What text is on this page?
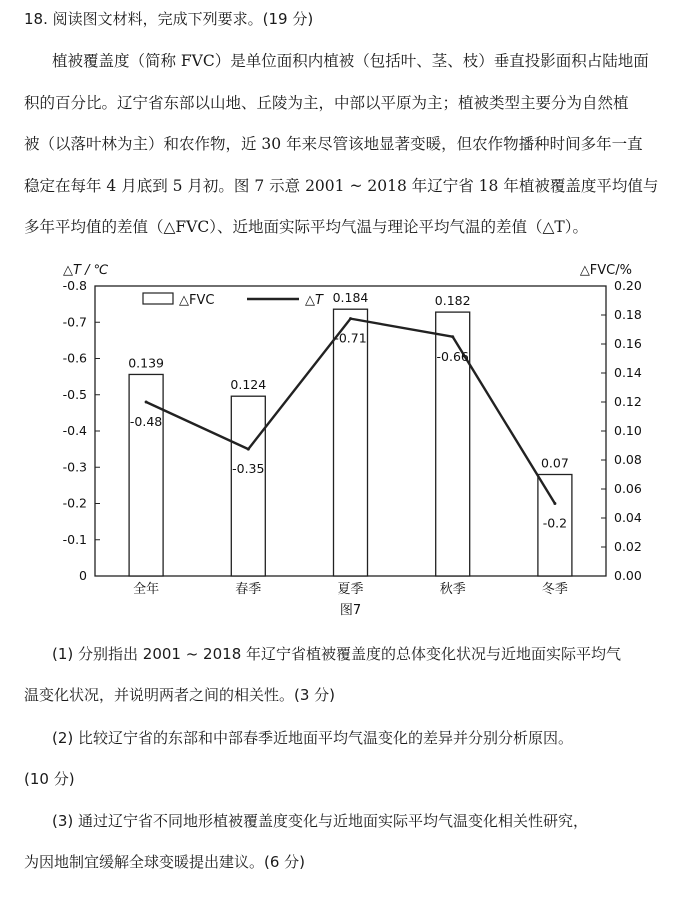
18. 阅读图文材料，完成下列要求。(19 分)
植被覆盖度（简称 FVC）是单位面积内植被（包括叶、茎、枝）垂直投影面积占陆地面
积的百分比。辽宁省东部以山地、丘陵为主，中部以平原为主；植被类型主要分为自然植
被（以落叶林为主）和农作物，近 30 年来尽管该地显著变暖，但农作物播种时间多年一直
稳定在每年 4 月底到 5 月初。图 7 示意 2001 ~ 2018 年辽宁省 18 年植被覆盖度平均值与
多年平均值的差值（△FVC）、近地面实际平均气温与理论平均气温的差值（△T）。
0
-0.1
-0.2
-0.3
-0.4
-0.5
-0.6
-0.7
-0.8
0.00
0.02
0.04
0.06
0.08
0.10
0.12
0.14
0.16
0.18
0.20
△T / ℃	△FVC/%
0.139
0.124
0.184	0.182
0.07
-0.48
-0.35
-0.71
-0.66
-0.2
△FVC	△T
全年	春季	夏季	秋季	冬季
图7
(1) 分别指出 2001 ~ 2018 年辽宁省植被覆盖度的总体变化状况与近地面实际平均气
温变化状况，并说明两者之间的相关性。(3 分)
(2) 比较辽宁省的东部和中部春季近地面平均气温变化的差异并分别分析原因。
(10 分)
(3) 通过辽宁省不同地形植被覆盖度变化与近地面实际平均气温变化相关性研究，
为因地制宜缓解全球变暖提出建议。(6 分)
